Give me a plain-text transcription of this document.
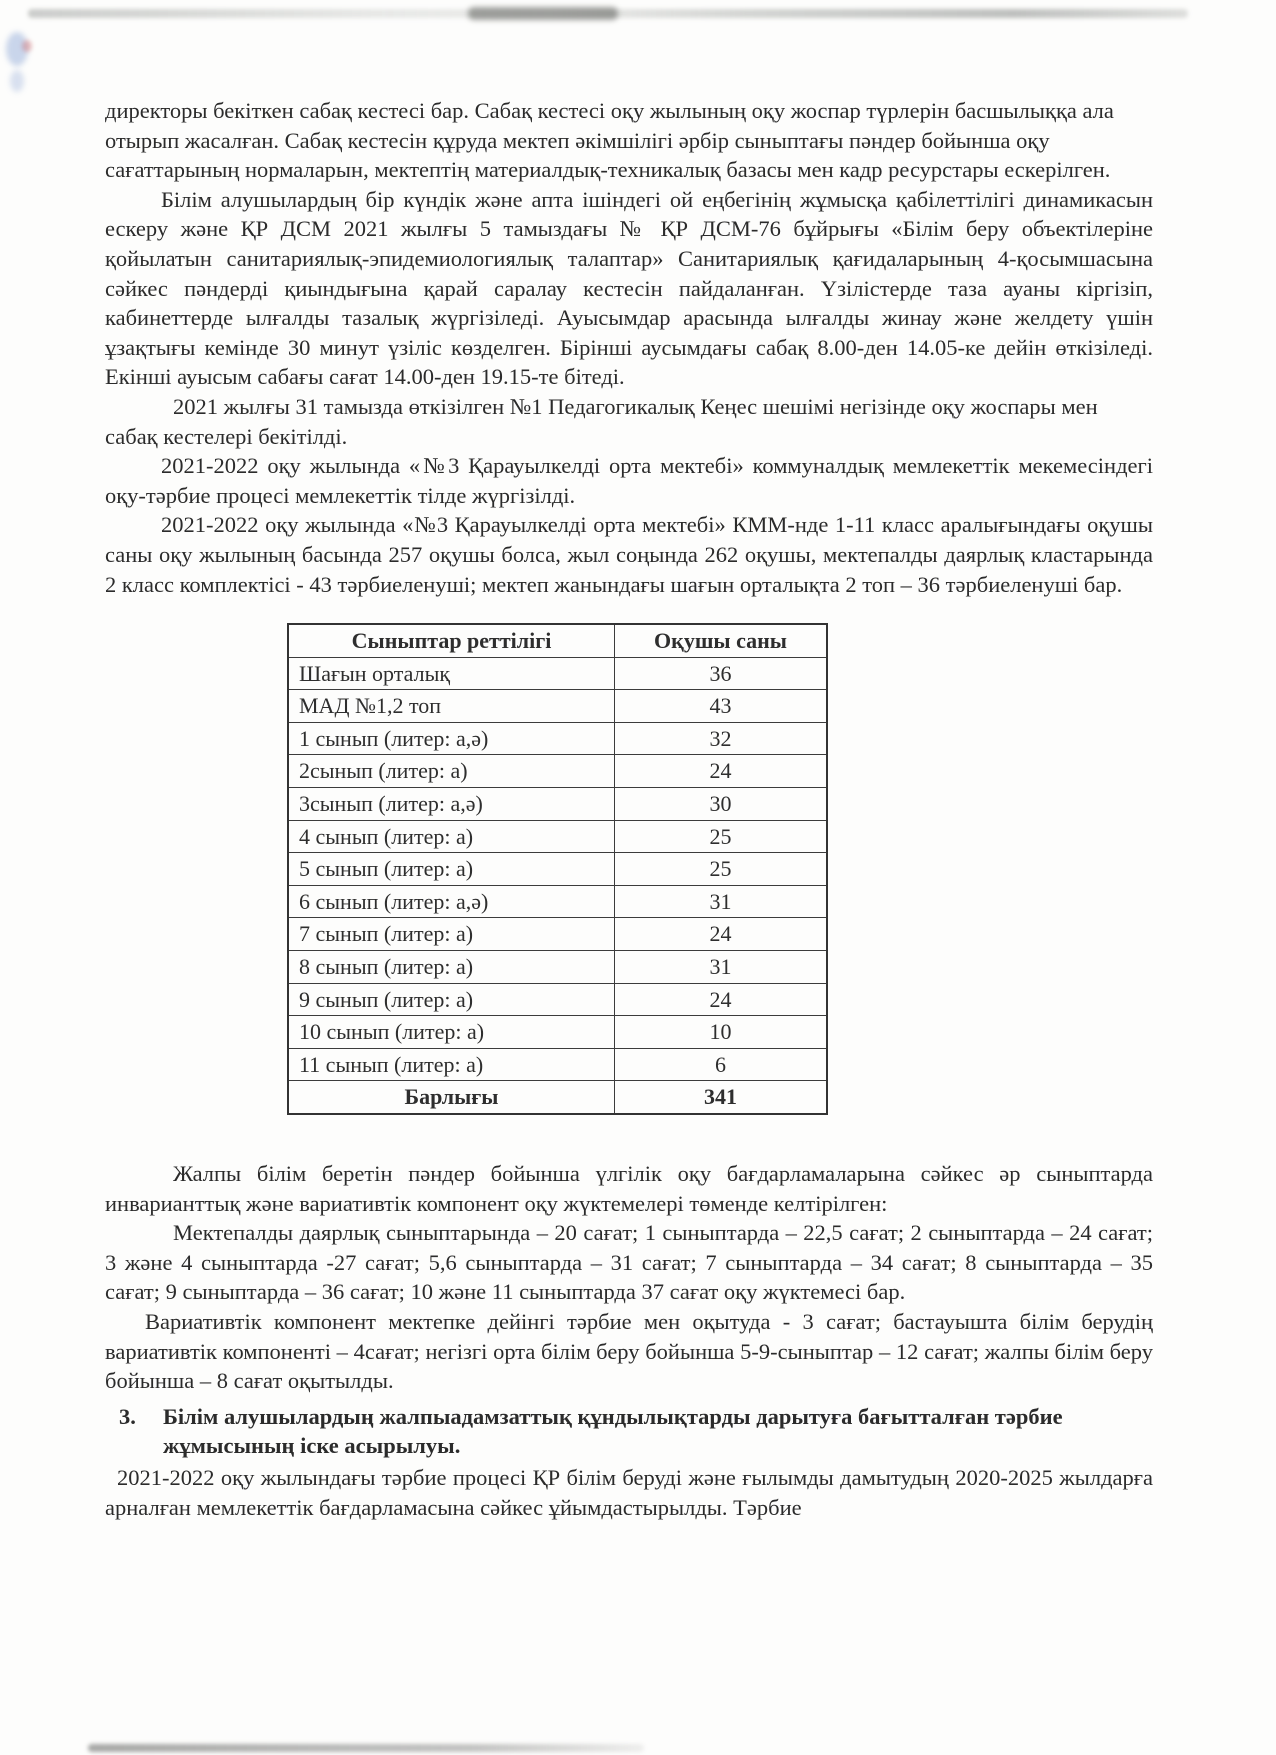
директоры бекіткен сабақ кестесі бар. Сабақ кестесі оқу жылының оқу жоспар түрлерін басшылыққа ала отырып жасалған. Сабақ кестесін құруда мектеп әкімшілігі әрбір сыныптағы пәндер бойынша оқу сағаттарының нормаларын, мектептің материалдық-техникалық базасы мен кадр ресурстары ескерілген.

Білім алушылардың бір күндік және апта ішіндегі ой еңбегінің жұмысқа қабілеттілігі динамикасын ескеру және ҚР ДСМ 2021 жылғы 5 тамыздағы № ҚР ДСМ-76 бұйрығы «Білім беру объектілеріне қойылатын санитариялық-эпидемиологиялық талаптар» Санитариялық қағидаларының 4-қосымшасына сәйкес пәндерді қиындығына қарай саралау кестесін пайдаланған. Үзілістерде таза ауаны кіргізіп, кабинеттерде ылғалды тазалық жүргізіледі. Ауысымдар арасында ылғалды жинау және желдету үшін ұзақтығы кемінде 30 минут үзіліс көзделген. Бірінші аусымдағы сабақ 8.00-ден 14.05-ке дейін өткізіледі. Екінші ауысым сабағы сағат 14.00-ден 19.15-те бітеді.

2021 жылғы 31 тамызда өткізілген №1 Педагогикалық Кеңес шешімі негізінде оқу жоспары мен сабақ кестелері бекітілді.

2021-2022 оқу жылында «№3 Қарауылкелді орта мектебі» коммуналдық мемлекеттік мекемесіндегі оқу-тәрбие процесі мемлекеттік тілде жүргізілді.

2021-2022 оқу жылында «№3 Қарауылкелді орта мектебі» КММ-нде 1-11 класс аралығындағы оқушы саны оқу жылының басында 257 оқушы болса, жыл соңында 262 оқушы, мектепалды даярлық кластарында 2 класс комплектісі - 43 тәрбиеленуші; мектеп жанындағы шағын орталықта 2 топ – 36 тәрбиеленуші бар.

Сыныптар реттілігі	Оқушы саны
Шағын орталық	36
МАД №1,2 топ	43
1 сынып (литер: а,ә)	32
2сынып (литер: а)	24
3сынып (литер: а,ә)	30
4 сынып (литер: а)	25
5 сынып (литер: а)	25
6 сынып (литер: а,ә)	31
7 сынып (литер: а)	24
8 сынып (литер: а)	31
9 сынып (литер: а)	24
10 сынып (литер: а)	10
11 сынып (литер: а)	6
Барлығы	341

Жалпы білім беретін пәндер бойынша үлгілік оқу бағдарламаларына сәйкес әр сыныптарда инварианттық және вариативтік компонент оқу жүктемелері төменде келтірілген:

Мектепалды даярлық сыныптарында – 20 сағат; 1 сыныптарда – 22,5 сағат; 2 сыныптарда – 24 сағат; 3 және 4 сыныптарда -27 сағат; 5,6 сыныптарда – 31 сағат; 7 сыныптарда – 34 сағат; 8 сыныптарда – 35 сағат; 9 сыныптарда – 36 сағат; 10 және 11 сыныптарда 37 сағат оқу жүктемесі бар.

Вариативтік компонент мектепке дейінгі тәрбие мен оқытуда - 3 сағат; бастауышта білім берудің вариативтік компоненті – 4сағат; негізгі орта білім беру бойынша 5-9-сыныптар – 12 сағат; жалпы білім беру бойынша – 8 сағат оқытылды.

3.	Білім алушылардың жалпыадамзаттық құндылықтарды дарытуға бағытталған тәрбие жұмысының іске асырылуы.

2021-2022 оқу жылындағы тәрбие процесі ҚР білім беруді және ғылымды дамытудың 2020-2025 жылдарға арналған мемлекеттік бағдарламасына сәйкес ұйымдастырылды. Тәрбие
